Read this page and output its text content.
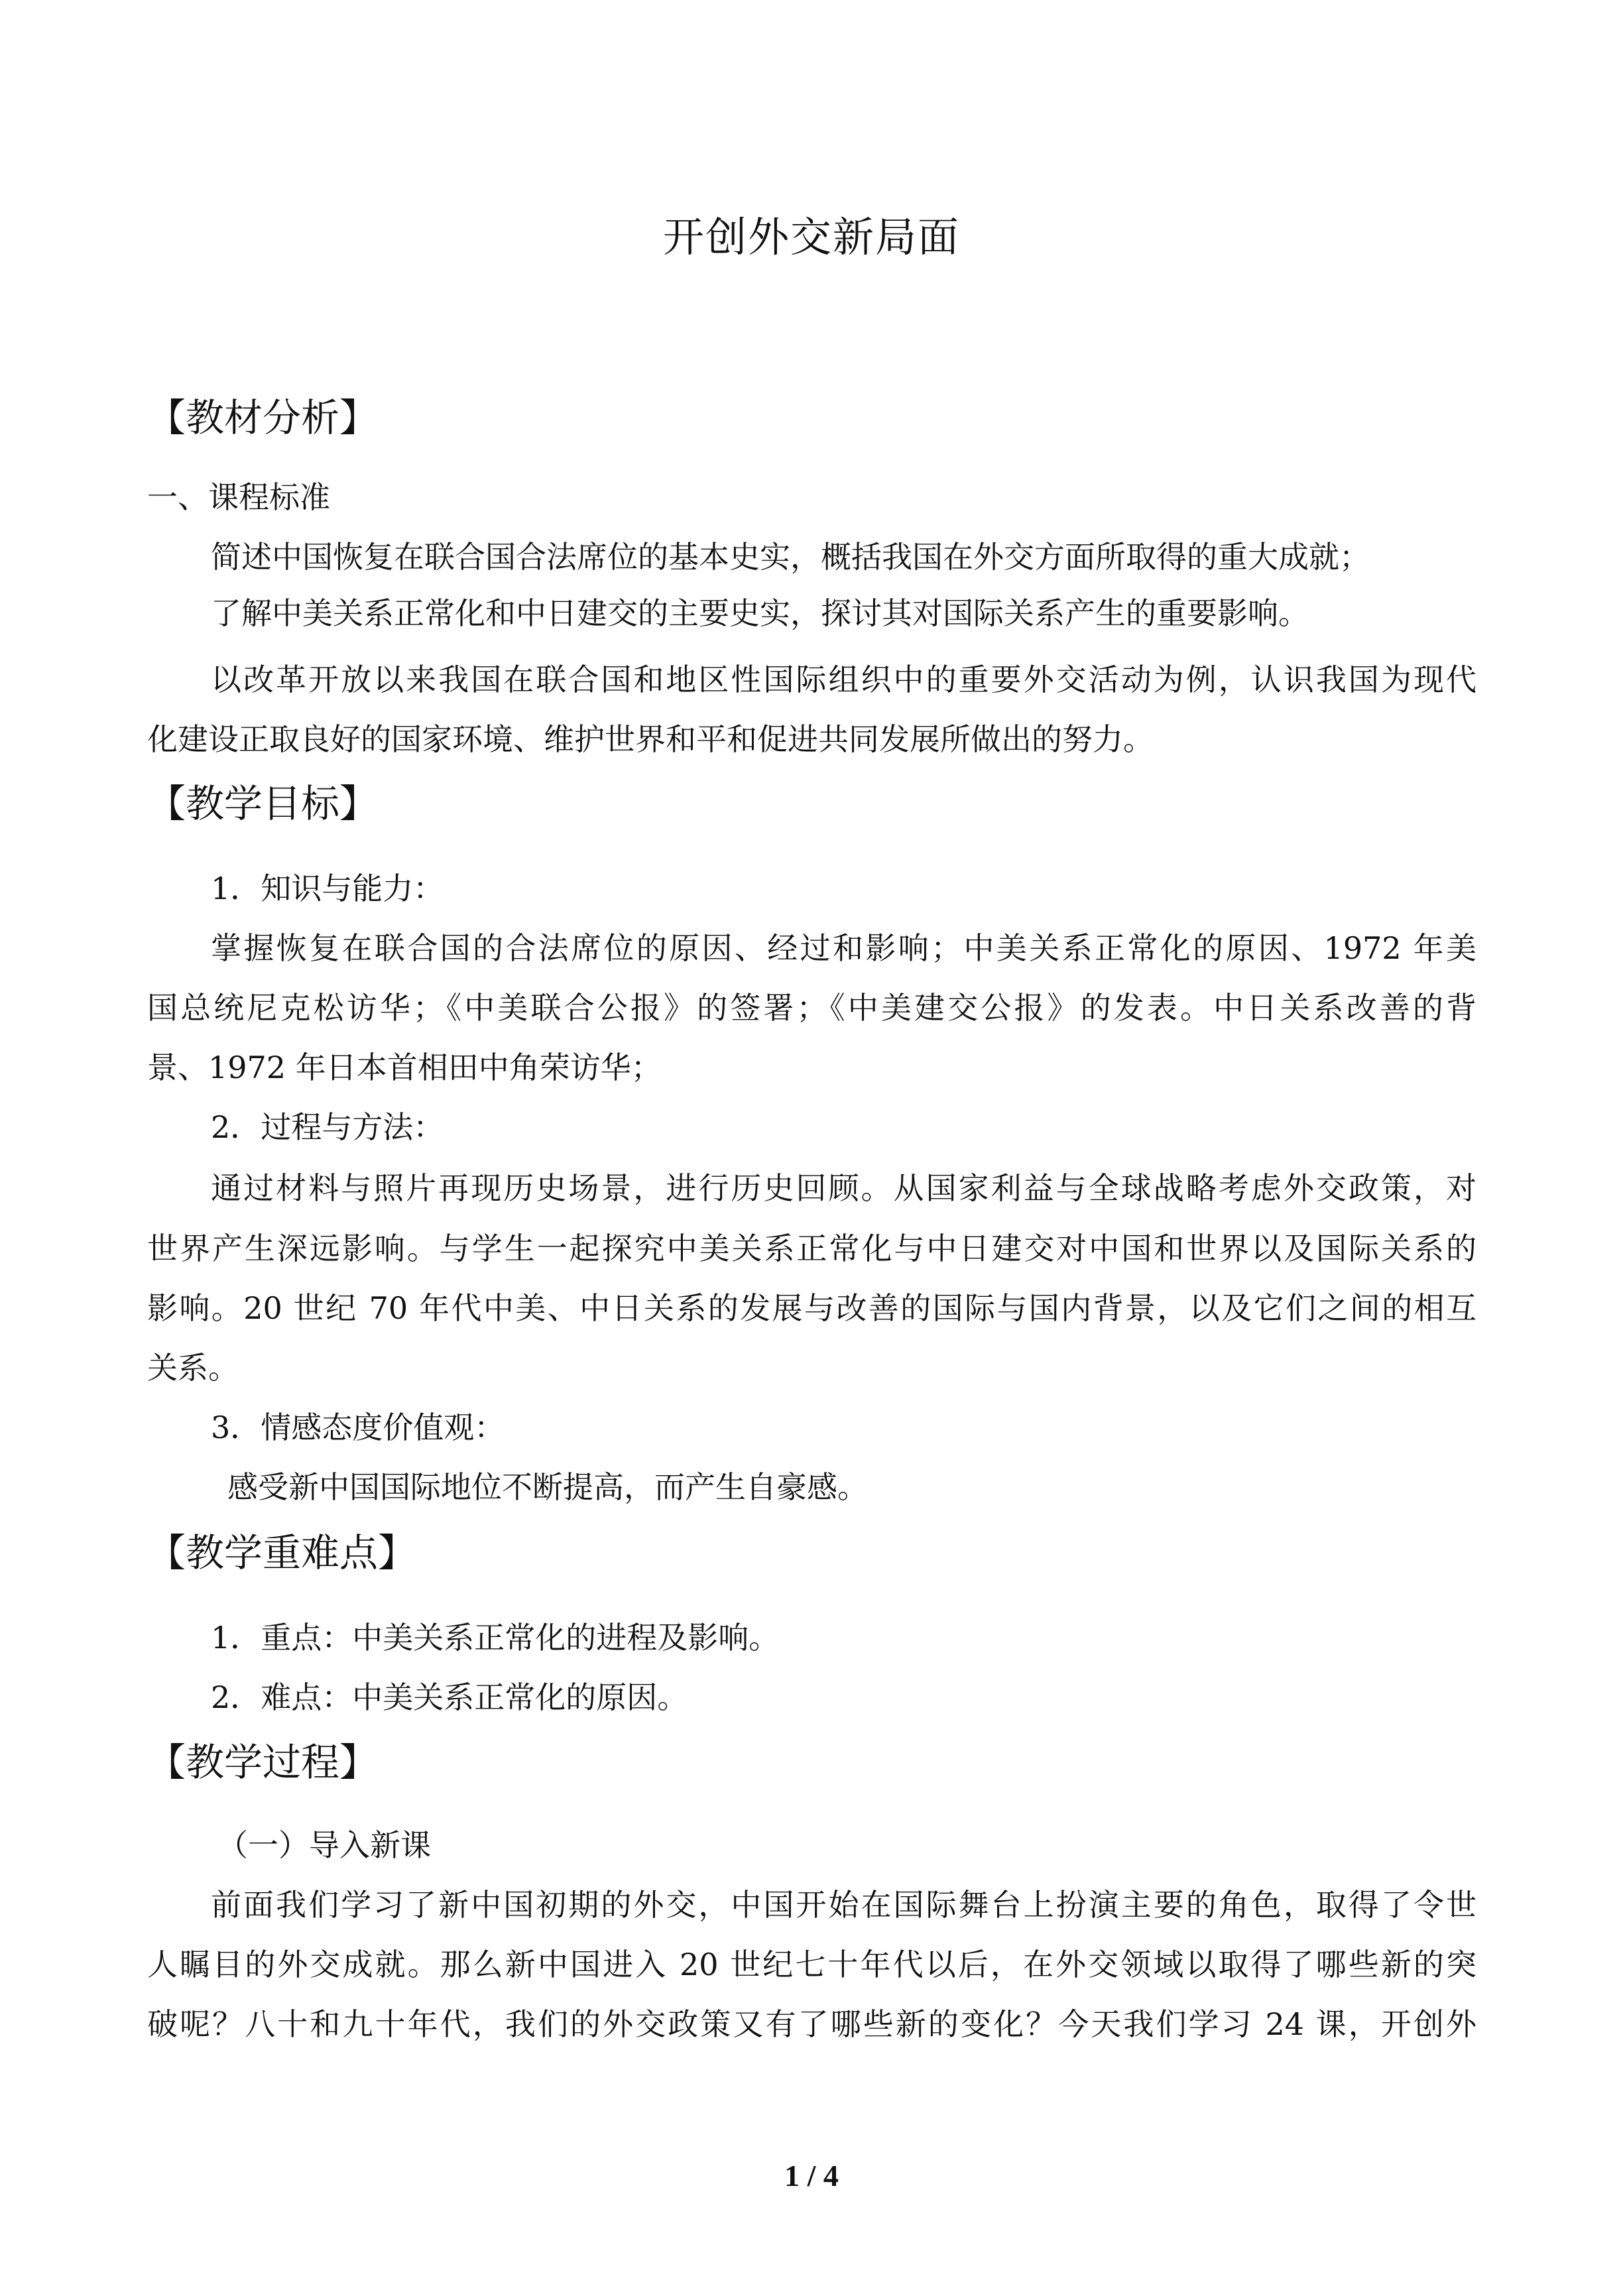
开创外交新局面
【教材分析】
一、课程标准
简述中国恢复在联合国合法席位的基本史实，概括我国在外交方面所取得的重大成就；
了解中美关系正常化和中日建交的主要史实，探讨其对国际关系产生的重要影响。
以改革开放以来我国在联合国和地区性国际组织中的重要外交活动为例，认识我国为现代
化建设正取良好的国家环境、维护世界和平和促进共同发展所做出的努力。
【教学目标】
1．知识与能力：
掌握恢复在联合国的合法席位的原因、经过和影响；中美关系正常化的原因、1972 年美
国总统尼克松访华；《中美联合公报》的签署；《中美建交公报》的发表。中日关系改善的背
景、1972 年日本首相田中角荣访华；
2．过程与方法：
通过材料与照片再现历史场景，进行历史回顾。从国家利益与全球战略考虑外交政策，对
世界产生深远影响。与学生一起探究中美关系正常化与中日建交对中国和世界以及国际关系的
影响。20 世纪 70 年代中美、中日关系的发展与改善的国际与国内背景，以及它们之间的相互
关系。
3．情感态度价值观：
感受新中国国际地位不断提高，而产生自豪感。
【教学重难点】
1．重点：中美关系正常化的进程及影响。
2．难点：中美关系正常化的原因。
【教学过程】
（一）导入新课
前面我们学习了新中国初期的外交，中国开始在国际舞台上扮演主要的角色，取得了令世
人瞩目的外交成就。那么新中国进入 20 世纪七十年代以后，在外交领域以取得了哪些新的突
破呢？八十和九十年代，我们的外交政策又有了哪些新的变化？今天我们学习 24 课，开创外
1 / 4
